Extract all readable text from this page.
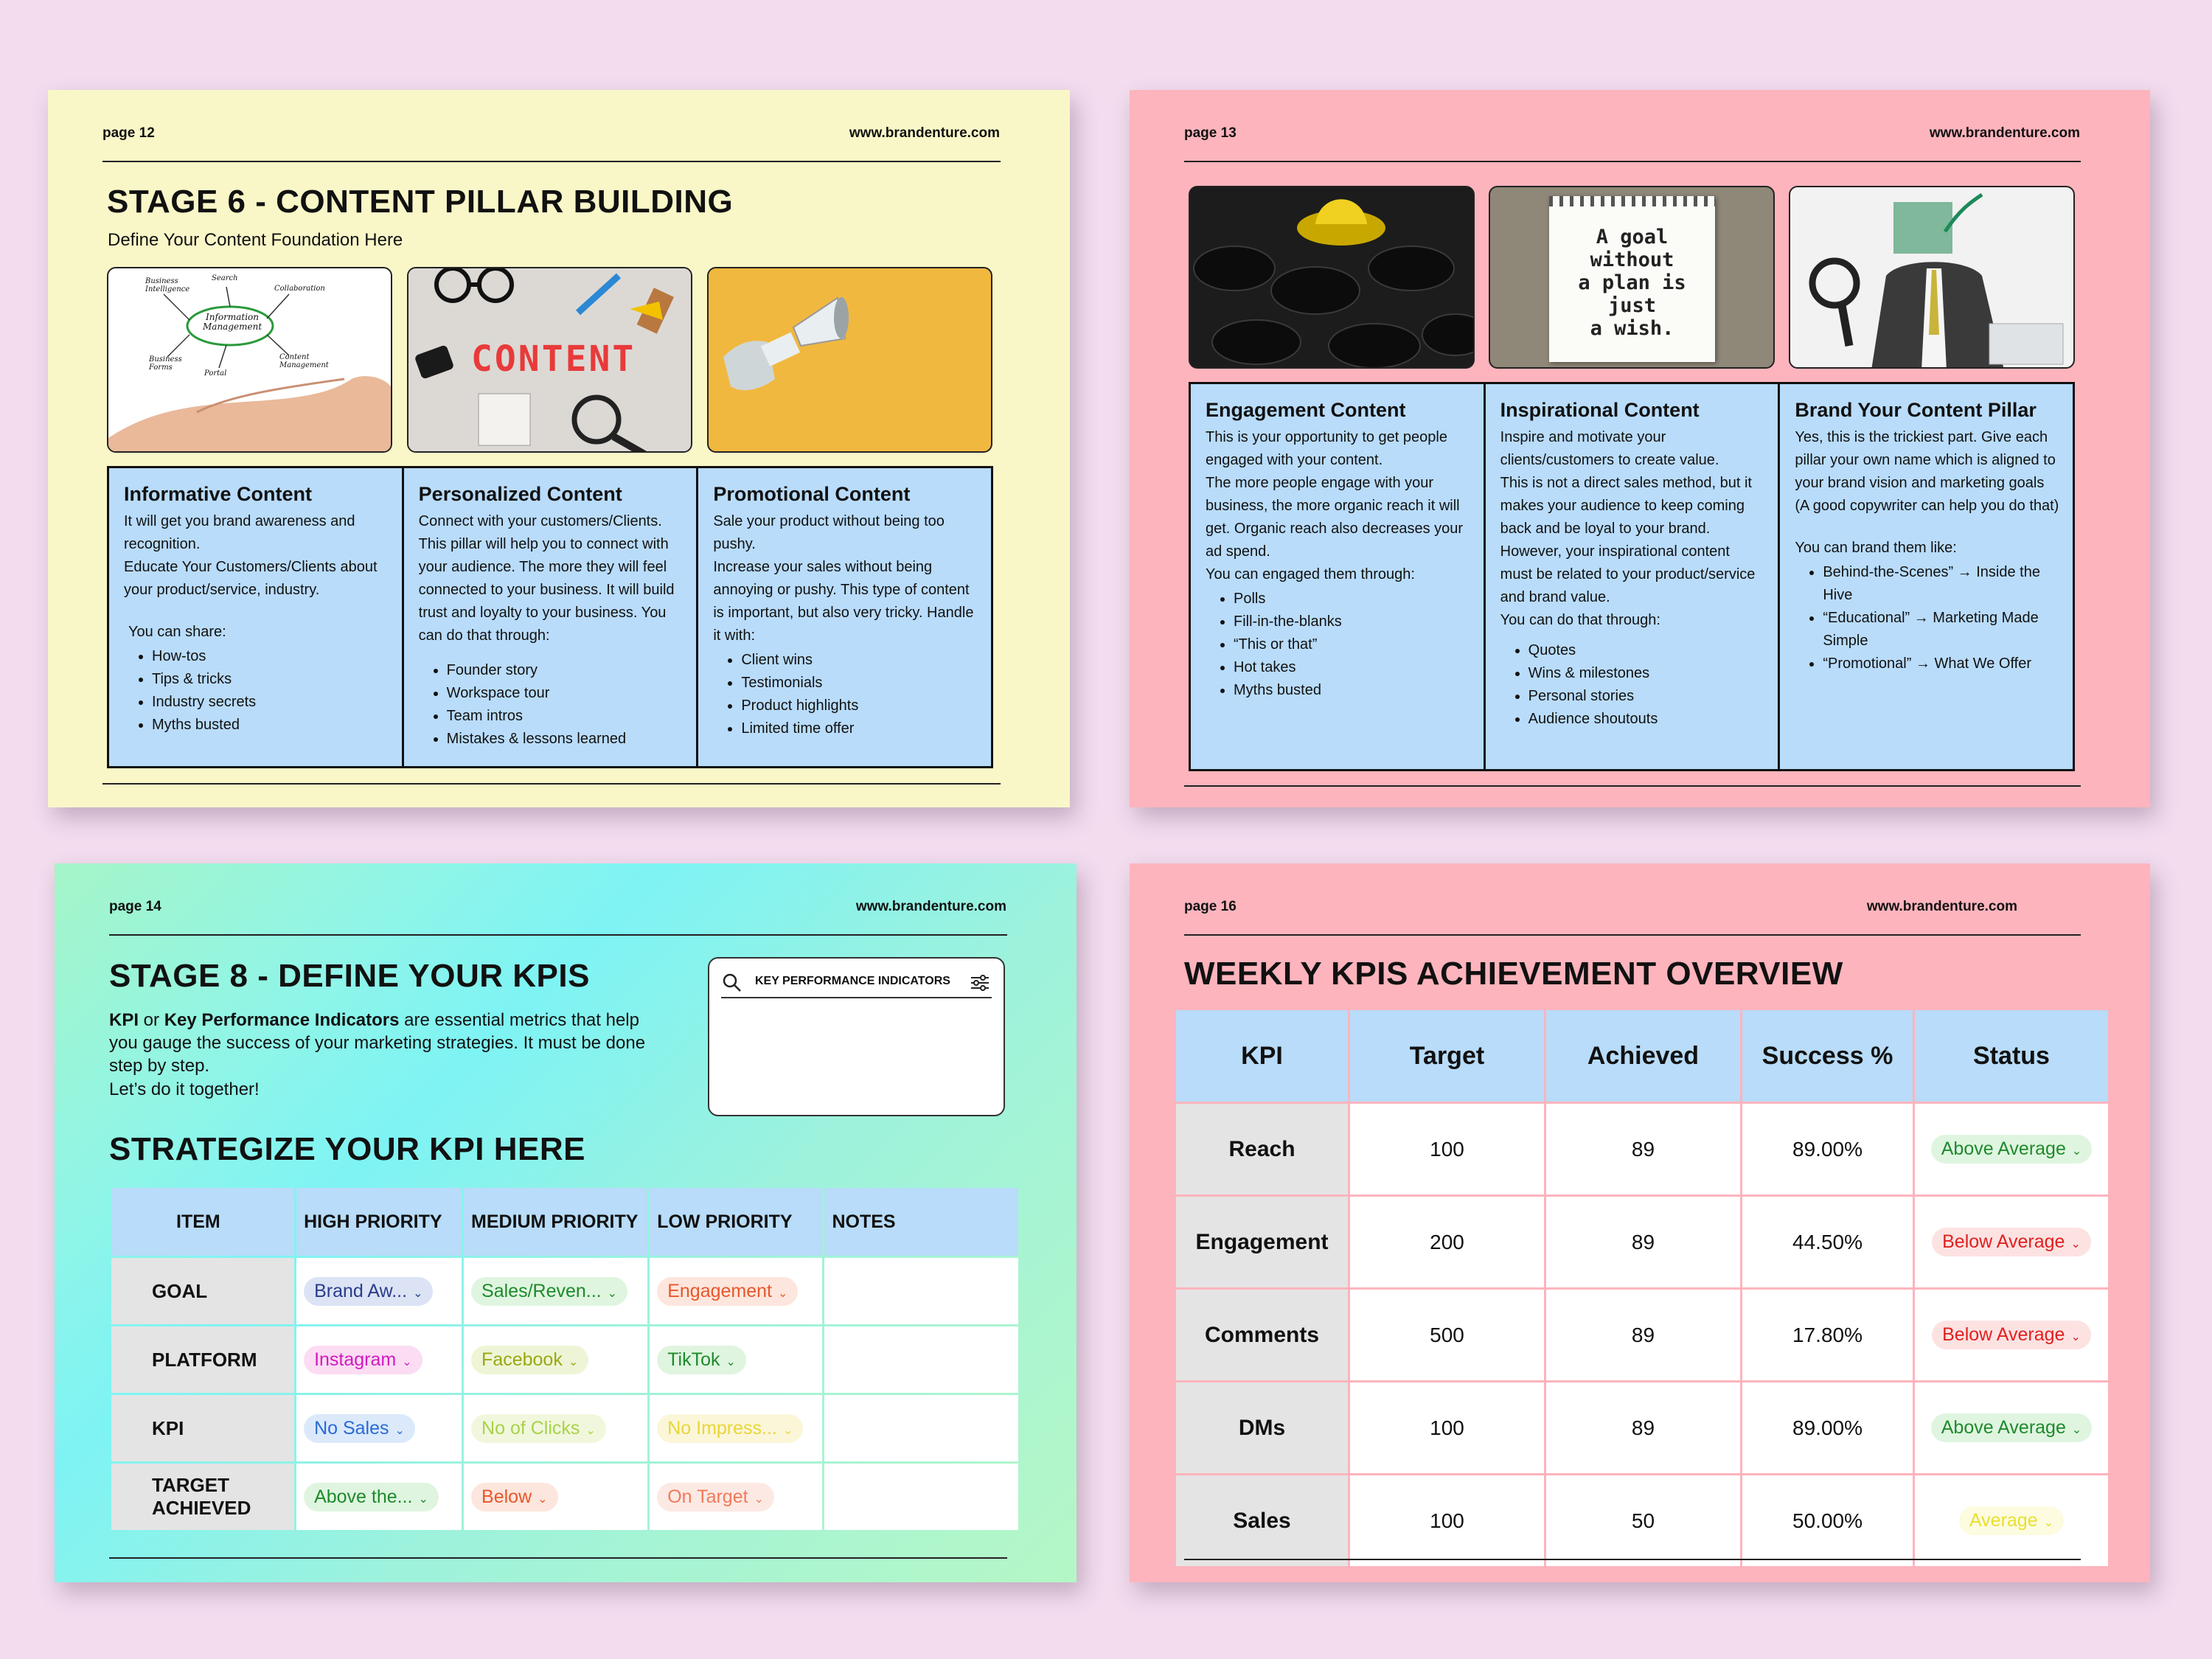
page 12	www.brandenture.com
STAGE 6 - CONTENT PILLAR BUILDING
Define Your Content Foundation Here
Information Management
Business Intelligence
Search
Collaboration
Business Forms
Portal
Content Management	CONTENT
Informative Content

It will get you brand awareness and recognition.

Educate Your Customers/Clients about your product/service, industry.

You can share:

• How-tos
• Tips & tricks
• Industry secrets
• Myths busted
Personalized Content

Connect with your customers/Clients.

This pillar will help you to connect with your audience. The more they will feel connected to your business. It will build trust and loyalty to your business. You can do that through:

• Founder story
• Workspace tour
• Team intros
• Mistakes & lessons learned
Promotional Content

Sale your product without being too pushy.

Increase your sales without being annoying or pushy. This type of content is important, but also very tricky. Handle it with:

• Client wins
• Testimonials
• Product highlights
• Limited time offer
page 13	www.brandenture.com
A goal
without
a plan is
just
a wish.
Engagement Content

This is your opportunity to get people engaged with your content.

The more people engage with your business, the more organic reach it will get. Organic reach also decreases your ad spend.

You can engaged them through:

• Polls
• Fill-in-the-blanks
• “This or that”
• Hot takes
• Myths busted
Inspirational Content

Inspire and motivate your clients/customers to create value.

This is not a direct sales method, but it makes your audience to keep coming back and be loyal to your brand. However, your inspirational content must be related to your product/service and brand value.

You can do that through:

• Quotes
• Wins & milestones
• Personal stories
• Audience shoutouts
Brand Your Content Pillar

Yes, this is the trickiest part. Give each pillar your own name which is aligned to your brand vision and marketing goals (A good copywriter can help you do that)

You can brand them like:

• Behind-the-Scenes” → Inside the Hive
• “Educational” → Marketing Made Simple
• “Promotional” → What We Offer
page 14	www.brandenture.com
STAGE 8 - DEFINE YOUR KPIS
KPI or Key Performance Indicators are essential metrics that help you gauge the success of your marketing strategies. It must be done step by step.
Let’s do it together!
KEY PERFORMANCE INDICATORS
STRATEGIZE YOUR KPI HERE
ITEM	HIGH PRIORITY	MEDIUM PRIORITY	LOW PRIORITY	NOTES
GOAL	Brand Aw... ⌄	Sales/Reven... ⌄	Engagement ⌄	
PLATFORM	Instagram ⌄	Facebook ⌄	TikTok ⌄	
KPI	No Sales ⌄	No of Clicks ⌄	No Impress... ⌄	
TARGET ACHIEVED	Above the... ⌄	Below ⌄	On Target ⌄	
page 16	www.brandenture.com
WEEKLY KPIS ACHIEVEMENT OVERVIEW
KPI	Target	Achieved	Success %	Status
Reach	100	89	89.00%	Above Average ⌄
Engagement	200	89	44.50%	Below Average ⌄
Comments	500	89	17.80%	Below Average ⌄
DMs	100	89	89.00%	Above Average ⌄
Sales	100	50	50.00%	Average ⌄
